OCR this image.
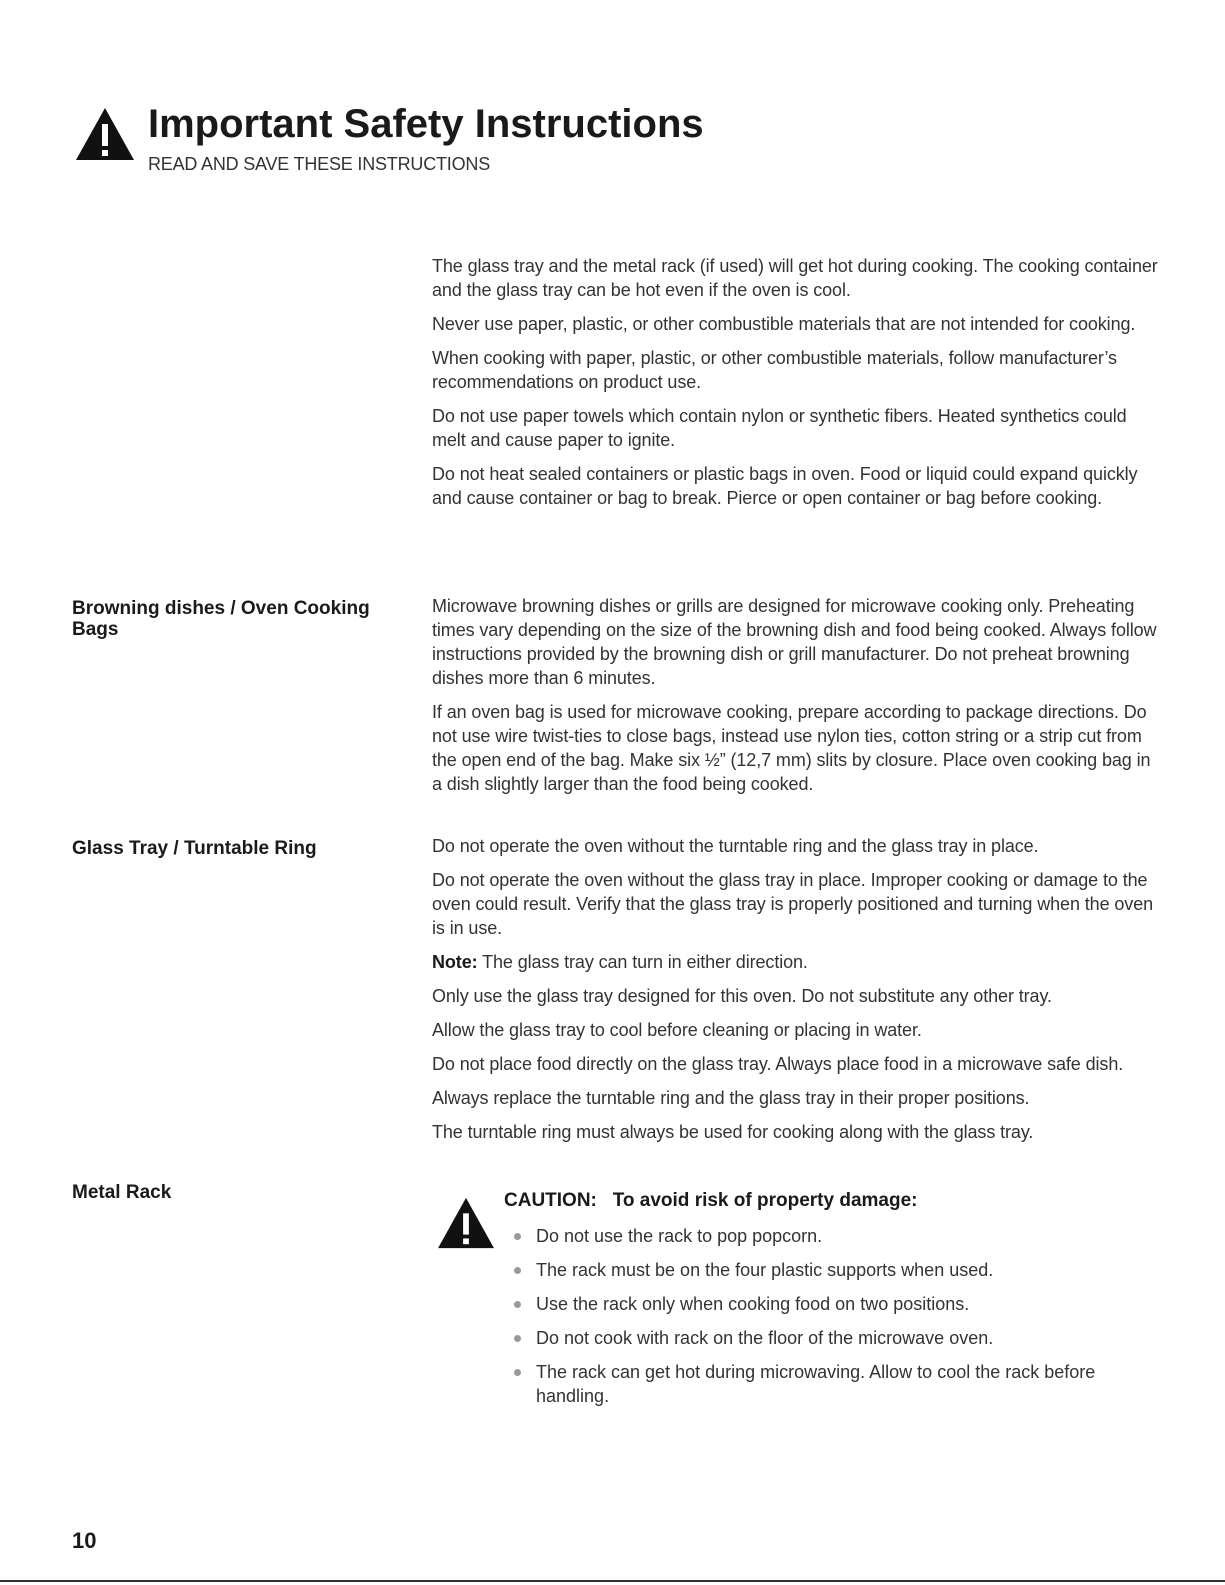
Important Safety Instructions
READ AND SAVE THESE INSTRUCTIONS

The glass tray and the metal rack (if used) will get hot during cooking. The cooking container and the glass tray can be hot even if the oven is cool.

Never use paper, plastic, or other combustible materials that are not intended for cooking.

When cooking with paper, plastic, or other combustible materials, follow manufacturer’s recommendations on product use.

Do not use paper towels which contain nylon or synthetic fibers. Heated synthetics could melt and cause paper to ignite.

Do not heat sealed containers or plastic bags in oven. Food or liquid could expand quickly and cause container or bag to break. Pierce or open container or bag before cooking.

Browning dishes / Oven Cooking Bags

Microwave browning dishes or grills are designed for microwave cooking only. Preheating times vary depending on the size of the browning dish and food being cooked. Always follow instructions provided by the browning dish or grill manufacturer. Do not preheat browning dishes more than 6 minutes.

If an oven bag is used for microwave cooking, prepare according to package directions. Do not use wire twist-ties to close bags, instead use nylon ties, cotton string or a strip cut from the open end of the bag. Make six ½” (12,7 mm) slits by closure. Place oven cooking bag in a dish slightly larger than the food being cooked.

Glass Tray / Turntable Ring	Do not operate the oven without the turntable ring and the glass tray in place.

Do not operate the oven without the glass tray in place. Improper cooking or damage to the oven could result. Verify that the glass tray is properly positioned and turning when the oven is in use.

Note: The glass tray can turn in either direction.

Only use the glass tray designed for this oven. Do not substitute any other tray.

Allow the glass tray to cool before cleaning or placing in water.

Do not place food directly on the glass tray. Always place food in a microwave safe dish.

Always replace the turntable ring and the glass tray in their proper positions.

The turntable ring must always be used for cooking along with the glass tray.

Metal Rack	CAUTION:   To avoid risk of property damage:
Do not use the rack to pop popcorn.
The rack must be on the four plastic supports when used.
Use the rack only when cooking food on two positions.
Do not cook with rack on the floor of the microwave oven.
The rack can get hot during microwaving. Allow to cool the rack before handling.
10
